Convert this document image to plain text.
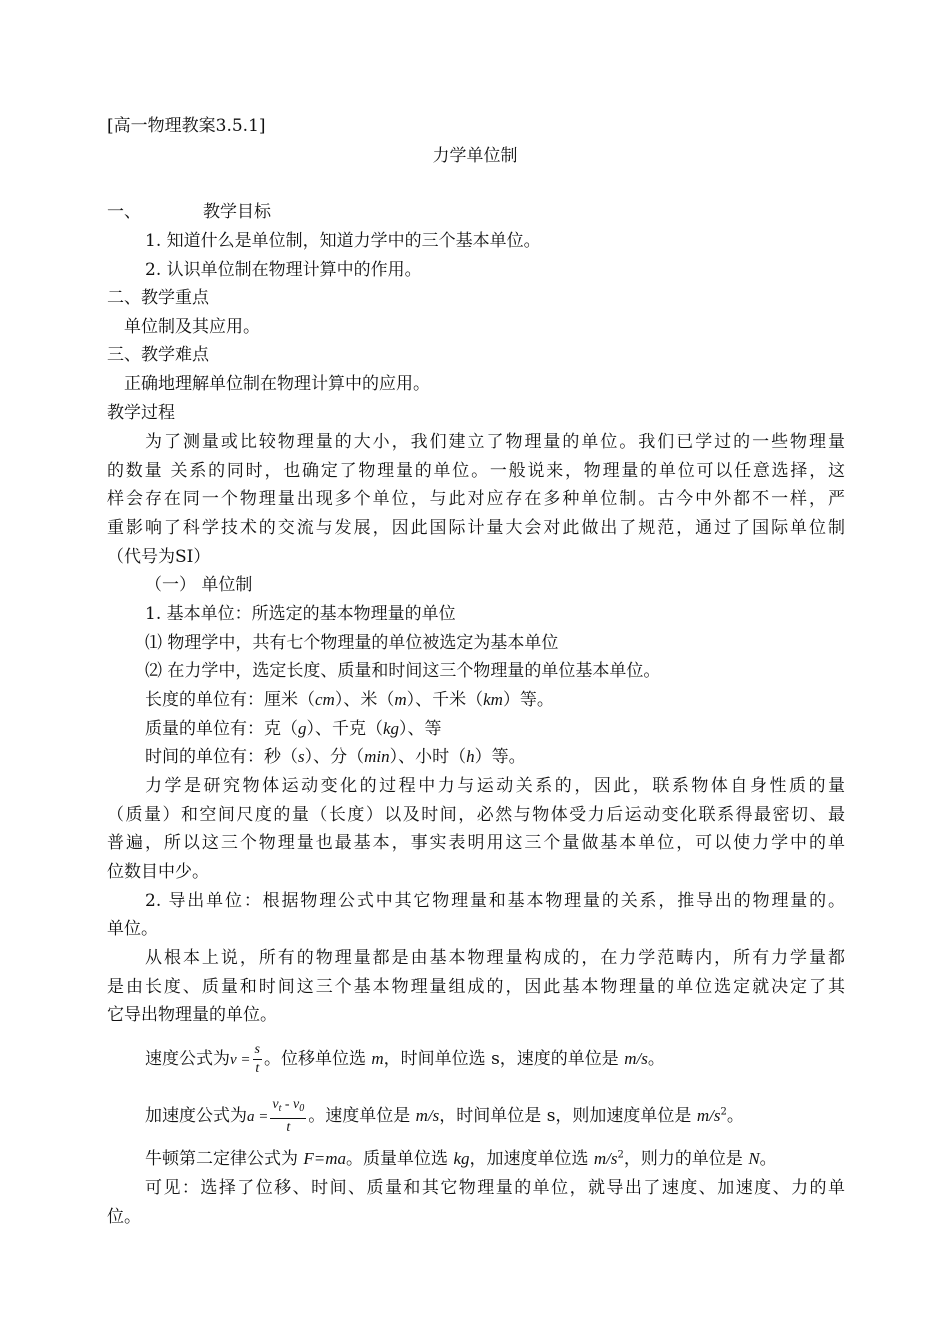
[高一物理教案3.5.1]
力学单位制
一、	教学目标
1. 知道什么是单位制，知道力学中的三个基本单位。
2. 认识单位制在物理计算中的作用。
二、教学重点
单位制及其应用。
三、教学难点
正确地理解单位制在物理计算中的应用。
教学过程
为了测量或比较物理量的大小，我们建立了物理量的单位。我们已学过的一些物理量
的数量 关系的同时，也确定了物理量的单位。一般说来，物理量的单位可以任意选择，这
样会存在同一个物理量出现多个单位，与此对应存在多种单位制。古今中外都不一样，严
重影响了科学技术的交流与发展，因此国际计量大会对此做出了规范，通过了国际单位制
（代号为SI）
（一） 单位制
1. 基本单位：所选定的基本物理量的单位
⑴ 物理学中，共有七个物理量的单位被选定为基本单位
⑵ 在力学中，选定长度、质量和时间这三个物理量的单位基本单位。
长度的单位有：厘米（cm）、米（m）、千米（km）等。
质量的单位有：克（g）、千克（kg）、等
时间的单位有：秒（s）、分（min）、小时（h）等。
力学是研究物体运动变化的过程中力与运动关系的，因此，联系物体自身性质的量
（质量）和空间尺度的量（长度）以及时间，必然与物体受力后运动变化联系得最密切、最
普遍，所以这三个物理量也最基本，事实表明用这三个量做基本单位，可以使力学中的单
位数目中少。
2. 导出单位：根据物理公式中其它物理量和基本物理量的关系，推导出的物理量的。
单位。
从根本上说，所有的物理量都是由基本物理量构成的，在力学范畴内，所有力学量都
是由长度、质量和时间这三个基本物理量组成的，因此基本物理量的单位选定就决定了其
它导出物理量的单位。
速度公式为$v = \frac{s}{t}$ 。位移单位选 m，时间单位选 s，速度的单位是 m/s。
加速度公式为$a = \frac{v_t - v_0}{t}$ 。速度单位是 m/s，时间单位是 s，则加速度单位是 $m/s^2$。
牛顿第二定律公式为 F=ma。质量单位选 kg，加速度单位选 $m/s^2$，则力的单位是 N。
可见：选择了位移、时间、质量和其它物理量的单位，就导出了速度、加速度、力的单
位。
